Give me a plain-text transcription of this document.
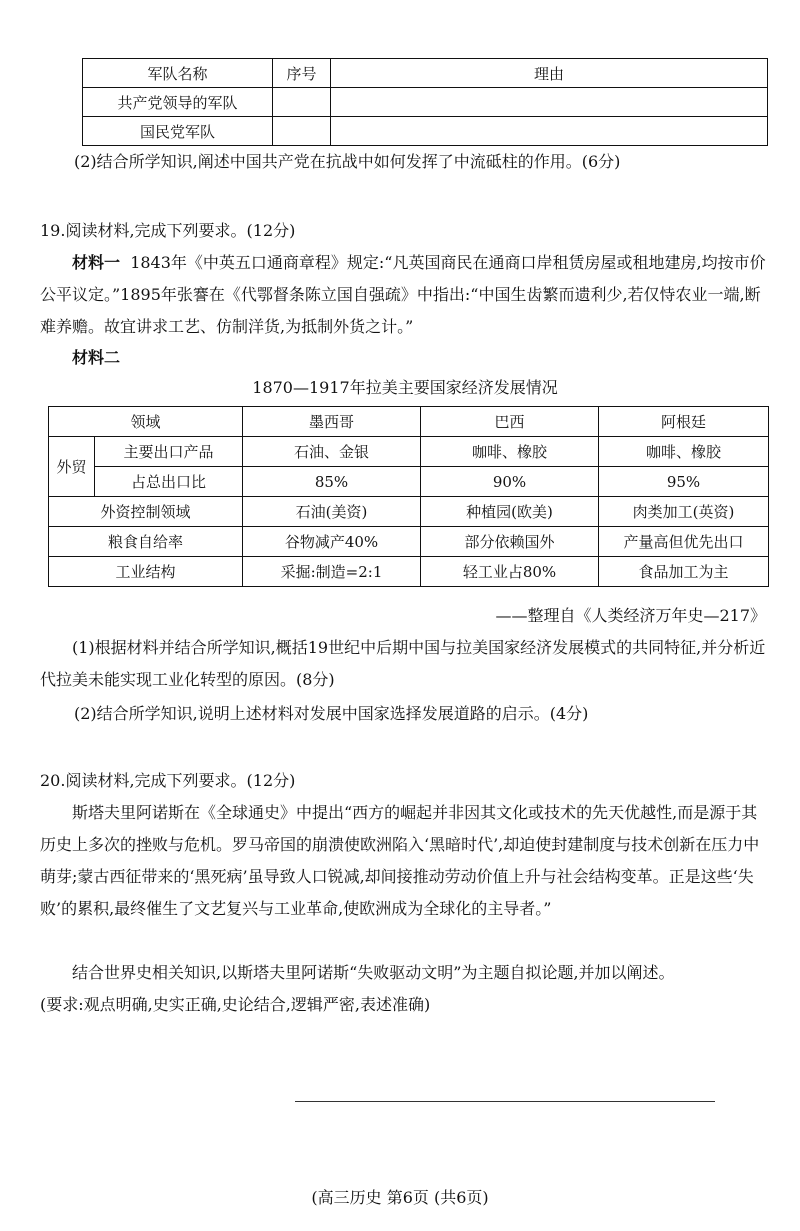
军队名称	序号	理由
共产党领导的军队		
国民党军队		
(2)结合所学知识,阐述中国共产党在抗战中如何发挥了中流砥柱的作用。(6分)
19.阅读材料,完成下列要求。(12分)

材料一 1843年《中英五口通商章程》规定:“凡英国商民在通商口岸租赁房屋或租地建房,均按市价公平议定。”1895年张謇在《代鄂督条陈立国自强疏》中指出:“中国生齿繁而遗利少,若仅恃农业一端,断难养赡。故宜讲求工艺、仿制洋货,为抵制外货之计。”

材料二
1870—1917年拉美主要国家经济发展情况
领域		墨西哥	巴西	阿根廷
外贸	主要出口产品	石油、金银	咖啡、橡胶	咖啡、橡胶
	占总出口比	85%	90%	95%
外资控制领域		石油(美资)	种植园(欧美)	肉类加工(英资)
粮食自给率		谷物减产40%	部分依赖国外	产量高但优先出口
工业结构		采掘:制造=2:1	轻工业占80%	食品加工为主
——整理自《人类经济万年史—217》

(1)根据材料并结合所学知识,概括19世纪中后期中国与拉美国家经济发展模式的共同特征,并分析近代拉美未能实现工业化转型的原因。(8分)

(2)结合所学知识,说明上述材料对发展中国家选择发展道路的启示。(4分)
20.阅读材料,完成下列要求。(12分)

斯塔夫里阿诺斯在《全球通史》中提出“西方的崛起并非因其文化或技术的先天优越性,而是源于其历史上多次的挫败与危机。罗马帝国的崩溃使欧洲陷入‘黑暗时代’,却迫使封建制度与技术创新在压力中萌芽;蒙古西征带来的‘黑死病’虽导致人口锐减,却间接推动劳动价值上升与社会结构变革。正是这些‘失败’的累积,最终催生了文艺复兴与工业革命,使欧洲成为全球化的主导者。”

结合世界史相关知识,以斯塔夫里阿诺斯“失败驱动文明”为主题自拟论题,并加以阐述。

(要求:观点明确,史实正确,史论结合,逻辑严密,表述准确)
(高三历史 第6页 (共6页)
